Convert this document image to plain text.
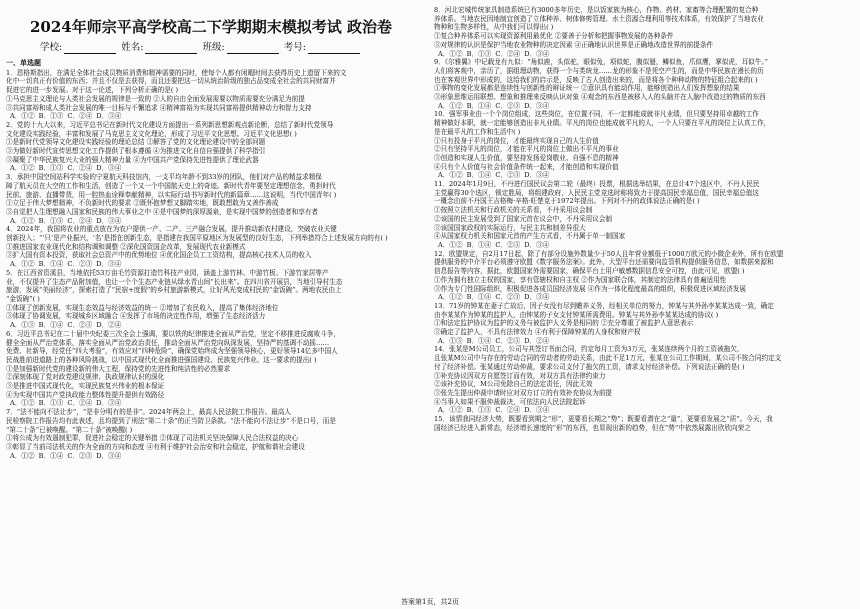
2024年师宗平高学校高二下学期期末模拟考试 政治卷
学校:	姓名:	班级:	考号:
一、单选题
1．恩格斯指出，在满足全体社会成员物质消费和精神需要的同时，使每个人都有闲暇时间去获得历史上遗留下来的文
化中一切真正有价值的东西；并且不仅是去获得，而且还要把这一切从统治阶级的独占品变成全社会的共同财富并
促进它的进一步发展。对于这一论述，下列分析正确的是( )
①马克思主义理论与人类社会发展的规律是一致的 ②人的自由全面发展需要以物质需要充分满足为前提
③共同富裕和成人类社会发展的唯一目标与不懈追求 ④精神富裕为实现共同富裕提供精神动力和智力支持
A．①② B．①③ C．②④ D．③④
2．党的十九大以来，习近平总书记在新时代文化建设方面提出一系列新思想新观点新论断，总结了新时代党领导
文化建设实践经验，丰富和发展了马克思主义文化理论，形成了习近平文化思想。习近平文化思想( )
①是新时代党领导文化建设实践经验的理论总结 ②解答了党的文化理论建设中的全部问题
③为做好新时代宣传思想文化工作提供了根本遵循 ④为推进文化自信自强提供了科学指引
③凝聚了中华民族复兴大业的强大精神力量 ④为中国共产党保持先进性提供了理论武器
A．①② B．①③ C．②④ D．③④
3．承担中国空间站科学实验的宁夏航天科技馆内，一支平均年龄不到33岁的团队，他们对产品的精益求精保
障了航天员在大空的工作和生活，创造了一个又一个中国航天史上的奇迹。新时代青年要坚定理想信念，勇担时代
民前、旅游、直播带货，用一腔热血诠释奉献精神，以实际行动书写新时代的新篇章……这说明，当代中国青年( )
①立足于伟大梦想精神，不负新时代的要求 ②既怀抱梦想又脚踏实地，既敢想敢为又善作善成
③自觉把人生理想融入国家和民族的伟大事业之中 ④是中国梦的深厚源泉，是实现中国梦的创造者和享有者
A．①② B．①③ C．②④ D．③④
4．2024年，我国将农业的重点放在为农户提供一产、二产、三产融合发展，提升推动新农村建设，突破农业关键
创新投入；“‘只’是产业振兴，‘名’是指在创新生态，是指建在我国平原地区为发展型的良好生态，下列举措符合上述发展方向的有( )
①推进国家农业现代化和结构调和调整 ②深化国资国企改革，发展现代农业新模式
③扩大国有资本投资，获取社会总资产中的优势地位 ④优化国企员工工资结构，提高核心技术人员的收入
A．①② B．①④ C．②③ D．③④
5．在江西省资溪县，当地依托53万亩毛竹资源打造竹科技产业园，涵盖上游竹林、中游竹板、下游竹家居等产
业，不仅提升了生态产品附加值，也让一个个生态产业链从绿水青山间“长出来”。在四川省开展县，当地引导村生态
旅游，发展“美丽经济”，探索打造了“民宿+度假”的乡村旅游新模式，让好风光变成村民的“金饭碗”。两地农民由上
“金饭碗”( )
①体现了创新发展，实现生态效益与经济效益的统一 ②增加了农民收入，提高了集体经济地位
③体现了协调发展，实现城乡区域融合 ④发挥了市场的决定性作用，增强了生态经济活力
A．①③ B．①④ C．②③ D．②④
6．习近平总书记在二十届中央纪委三次全会上强调，要以铁的纪律推进全面从严治党，坚定不移推进反腐败斗争，
健全全面从严治党体系，落实全面从严治党政治责任，推动全面从严治党向纵深发展，坚持严的基调不动摇……
免费、社新导，经党任“四大考验”，有效应对“四种危险”，确保党始终成为坚强领导核心，更好领导14亿多中国人
民战胜前进道路上的各种风险挑战，以中国式现代化全面推进强国建设、民族复兴伟业。这一要求的提出( )
①是加强新时代党的建设新的伟大工程，保持党的先进性和纯洁性的必然要求
②深刻体现了党对政党建设规律、执政规律认识的深化
③是推进中国式现代化，实现民族复兴伟业的根本保证
④为实现中国共产党执政能力整体性提升提供有效路径
A．①② B．①③ C．②④ D．③④
7．“法不能向不法让步”，“是非分明有的是非”。2024年两会上，最高人民法院工作报告、最高人
民检察院工作报告均有此表述，且均提到了刑法“第二十条”的正当防卫条款。“法不能向不法让步”不是口号，而是
“第二十条”已被唤醒。“第二十条”被唤醒( )
①将公成为有效遏制犯罪，促进社会稳定的关键举措 ②体现了司法机关坚决保障人民合法权益的决心
③彰显了当前司法机关的作为全面的方向和态度 ④有利于维护社会治安和社会稳定，护航和谐社会建设
A．①② B．①④ C．②③ D．③④
8．河北宏城传统家具制造系统已有3000多年历史，是以饭家族为核心，作物、药材、家畜等合理配置的复合种
养体系。当地农民因地制宜创造了立体种养、树体修剪管理、水土资源合理利用等技术体系，有效保护了当地农业
物种和生物多样性，从中我们可以得出( )
①复合种养体系可以实现资源利用最优化 ②要善于分析和把握事物发展的各种条件
③对规律的认识是保护当地农业物种的决定因素 ④正确地认识世界是正确地改造世界的前提条件
A．①② B．①③ C．②④ D．③④
9．《尔雅翼》中记载龙有九似：“角似鹿，头似驼，眼似兔，项似蛇，腹似蜃，鳞似鱼，爪似鹰，掌似虎，耳似牛。”
人们将客观中，亲历了，据组理动物，获得一个与类统龙……龙的形象不是凭空产生的，而是中华民族在漫长的历
也在客观世界中形成的，这给我们的启示是，反映了古人创造出来的，而是将各个种种动物的特征组合起来的( )
①事物的变化发展都是连续性与创新性的辩证统一 ②意识具有能动作用，能够创造出人们发挥想象的结果
③形象思维运用联想、想象和推理来反映认识对象 ④观念的东西是被移入人的头脑并在人脑中改造过的物质的东西
A．①② B．①④ C．②③ D．③④
10．强军事业由一个个岗位组成，这些岗位，在位置不同，不一定都能成就非凡业绩，但只要坚持用卓越的工作
精神做好本职，就一定能够创造出非凡业绩。平凡的岗位也能成就平凡的人，一个人只要在平凡的岗位上认真工作，
是在最平凡的工作和生活中( )
①只有投身于平凡的岗位，才能最终实现自己的人生价值
②只有坚持平凡的岗位，才能在平凡的岗位上做出不平凡的事业
③创造和实现人生价值，要坚持发扬爱岗敬业、自强不息的精神
④只有个人价值与社会价值条件统一起来，才能创造和实现价值
A．①② B．①④ C．②③ D．③④
11．2024年1月9日，不丹进行国民议会第二轮（最终）投票，根据选举结果，在总计47个选区中，不丹人民民
主党赢得30个选区，锁定胜局，将组建政府，人民民主党竞选时称将致力于提高国民幸福总值，国民幸福总值这
一概念由前不丹国王吉格梅·辛格·旺楚克于1972年提出。下列对不丹的政体说法正确的是( )
①按照立法机关和行政机关的关系看，不丹采用议会制
②该国的民主发展受到了国家元首在议会中，不丹采用议会制
③该国国家政权的实际运行，与民主共和制差异很大
④从国家权力机关和国家元首的产生方式看，不丹属于单一制国家
A．①② B．①④ C．②③ D．③④
12．欧盟规定，自2月17日起，除了有部分设施外数量少于50人且年营业额低于1000万欧元的小微企业外，所有在欧盟
提供服务的中介平台必须遵守欧盟《数字服务法案》。此外，大型平台还需要向监管机构提供服务信息，如数据来源和
信息报告等内容，据此，欧盟国家外需要国家，确保平台上用户敏感数据信息安全可控，由此可见，欧盟( )
①作为拥有独立主权的国家，享有管辖权和自主权 ②作为国家联合体，其制定的法律具有普遍适用性
③作为专门性国际组织，积极促进各成员国经济发展 ④作为一体化程度最高的组织，积极促进区域经济发展
A．①② B．①④ C．②③ D．③④
13．71岁的钟某在妻子亡故后，因子女没有尽到赡养义务，经相关单位的努力，钟某与其外孙李某某达成一致，确定
由李某某作为钟某的监护人，由钟某的子女支付钟某所需费用。钟某与其外孙李某某达成的协议( )
①和法定监护协议为监护的义务与被监护人义务是相同的 ②充分尊重了被监护人意思表示
③确定了监护人，不具有法律效力 ④有利于保障钟某的人身权和财产权
A．①③ B．①④ C．②③ D．②④
14．张某是M公司员工，公司与其签订书面合同，约定每月工资为3万元，张某连续两个月的工资被拖欠，
且张某M公司中与存在的劳动合同的劳动者的劳动关系，由此不足1万元，张某在公司工作期间，某公司不按合同约定支
付了经济补偿。张某通过劳动仲裁，要求公司支付了拖欠的工资，请求支付经济补偿。下列说法正确的是( )
①补充协议因双方自愿签订而有效，对双方具有法律约束力
②该补充协议，M公司免除自己的法定责任，因此无效
③张先生提出仲裁申请时应对双方订立的有效补充协议为前提
④当事人如果不服仲裁裁决，可依法向人民法院起诉
A．①② B．①③ C．②④ D．③④
15．该情我同经济大势，既要看到期之“形”，更要看长期之“势”；既要看潜在之“量”，更要看发展之“质”。今天，我
国经济已经进入新常态，经济增长速度的“形”的东西，也显现出新的趋势，但在“势”中依然展露出欣欣向荣之
答案第1页，共2页
